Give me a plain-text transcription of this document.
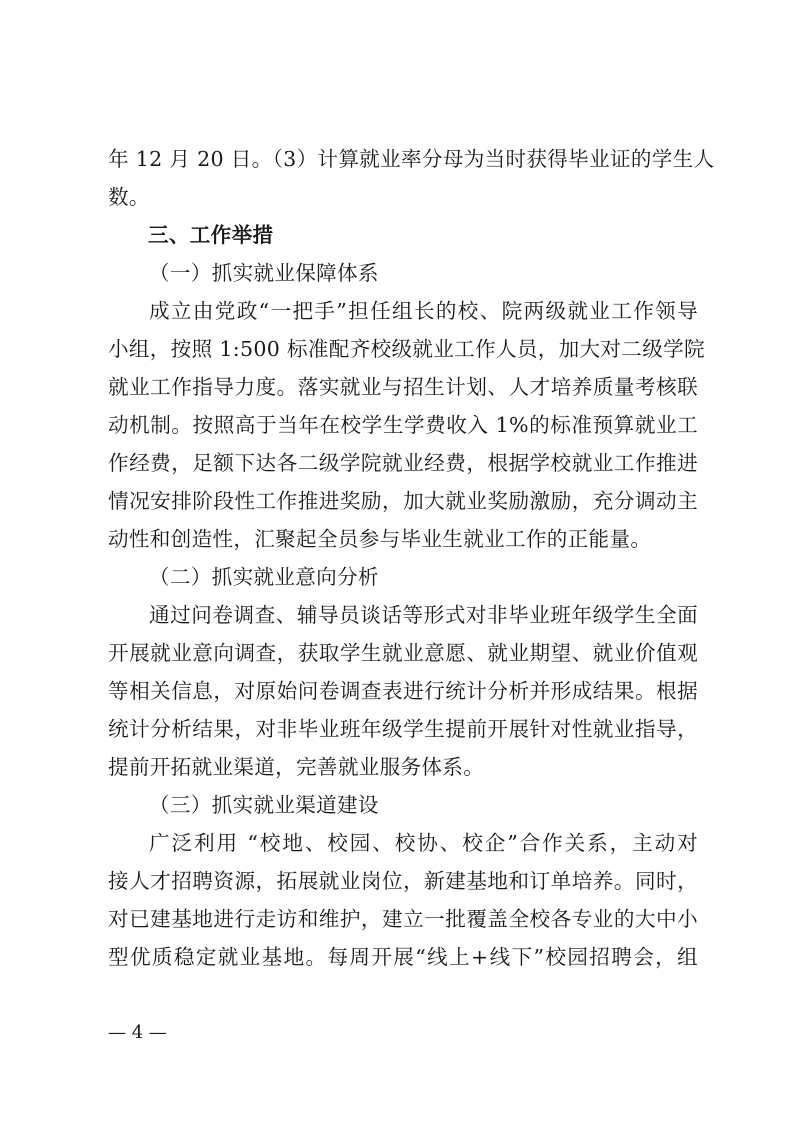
年 12 月 20 日。（3）计算就业率分母为当时获得毕业证的学生人
数。
三、工作举措
（一）抓实就业保障体系
成立由党政“一把手”担任组长的校、院两级就业工作领导
小组，按照 1:500 标准配齐校级就业工作人员，加大对二级学院
就业工作指导力度。落实就业与招生计划、人才培养质量考核联
动机制。按照高于当年在校学生学费收入 1%的标准预算就业工
作经费，足额下达各二级学院就业经费，根据学校就业工作推进
情况安排阶段性工作推进奖励，加大就业奖励激励，充分调动主
动性和创造性，汇聚起全员参与毕业生就业工作的正能量。
（二）抓实就业意向分析
通过问卷调查、辅导员谈话等形式对非毕业班年级学生全面
开展就业意向调查，获取学生就业意愿、就业期望、就业价值观
等相关信息，对原始问卷调查表进行统计分析并形成结果。根据
统计分析结果，对非毕业班年级学生提前开展针对性就业指导，
提前开拓就业渠道，完善就业服务体系。
（三）抓实就业渠道建设
广泛利用 “校地、校园、校协、校企”合作关系，主动对
接人才招聘资源，拓展就业岗位，新建基地和订单培养。同时，
对已建基地进行走访和维护，建立一批覆盖全校各专业的大中小
型优质稳定就业基地。每周开展“线上+线下”校园招聘会，组
— 4 —
